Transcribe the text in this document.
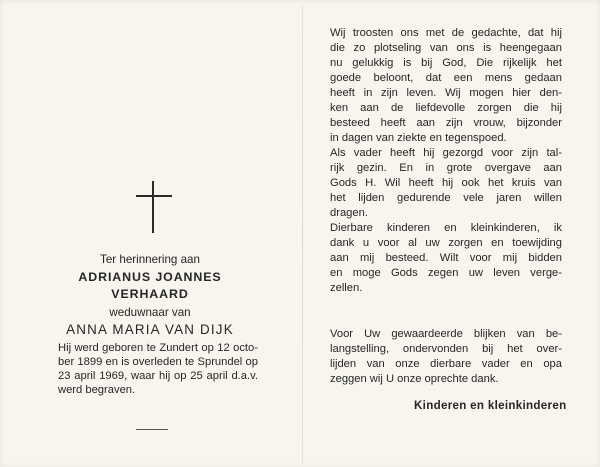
Ter herinnering aan
ADRIANUS JOANNES
VERHAARD
weduwnaar van
ANNA MARIA VAN DIJK
Hij werd geboren te Zundert op 12 octo-
ber 1899 en is overleden te Sprundel op
23 april 1969, waar hij op 25 april d.a.v.
werd begraven.
Wij troosten ons met de gedachte, dat hij
die zo plotseling van ons is heengegaan
nu gelukkig is bij God, Die rijkelijk het
goede beloont, dat een mens gedaan
heeft in zijn leven. Wij mogen hier den-
ken aan de liefdevolle zorgen die hij
besteed heeft aan zijn vrouw, bijzonder
in dagen van ziekte en tegenspoed.
Als vader heeft hij gezorgd voor zijn tal-
rijk gezin. En in grote overgave aan
Gods H. Wil heeft hij ook het kruis van
het lijden gedurende vele jaren willen
dragen.
Dierbare kinderen en kleinkinderen, ik
dank u voor al uw zorgen en toewijding
aan mij besteed. Wilt voor mij bidden
en moge Gods zegen uw leven verge-
zellen.
Voor Uw gewaardeerde blijken van be-
langstelling, ondervonden bij het over-
lijden van onze dierbare vader en opa
zeggen wij U onze oprechte dank.
Kinderen en kleinkinderen
